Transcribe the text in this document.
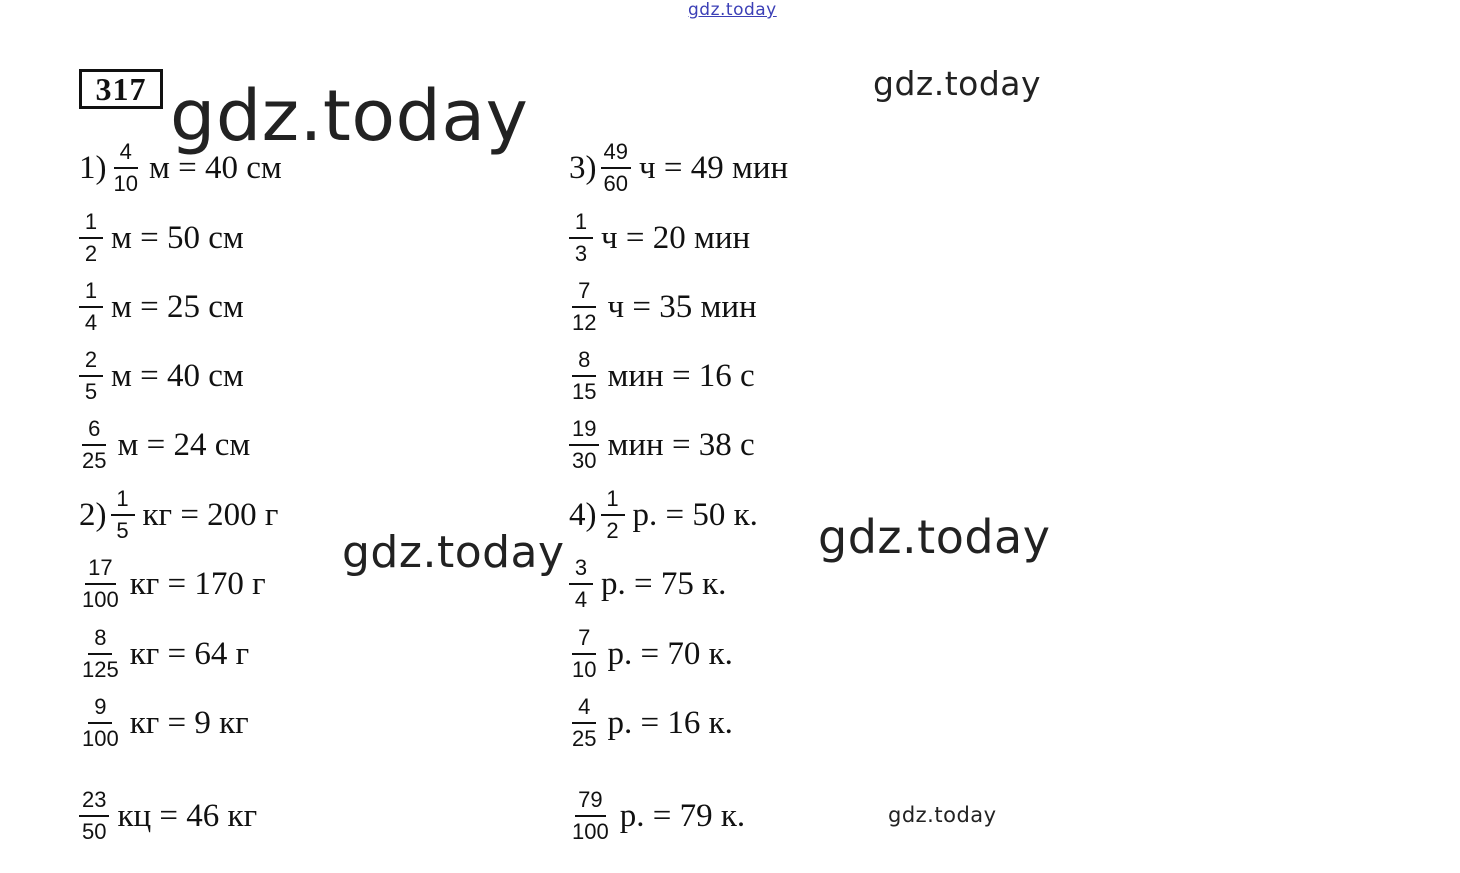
gdz.today
gdz.today	gdz.today
gdz.today	gdz.today
gdz.today
317
$1) \frac{4}{10}$ м = 40 см
$\frac{1}{2}$ м = 50 см
$\frac{1}{4}$ м = 25 см
$\frac{2}{5}$ м = 40 см
$\frac{6}{25}$ м = 24 см
$2) \frac{1}{5}$ кг = 200 г
$\frac{17}{100}$ кг = 170 г
$\frac{8}{125}$ кг = 64 г
$\frac{9}{100}$ кг = 9 кг
$\frac{23}{50}$ кц = 46 кг
$3) \frac{49}{60}$ ч = 49 мин
$\frac{1}{3}$ ч = 20 мин
$\frac{7}{12}$ ч = 35 мин
$\frac{8}{15}$ мин = 16 с
$\frac{19}{30}$ мин = 38 с
$4) \frac{1}{2} р$. = 50 к.
$\frac{3}{4} р$. = 75 к.
$\frac{7}{10} р$. = 70 к.
$\frac{4}{25} р$. = 16 к.
$\frac{79}{100} р$. = 79 к.
